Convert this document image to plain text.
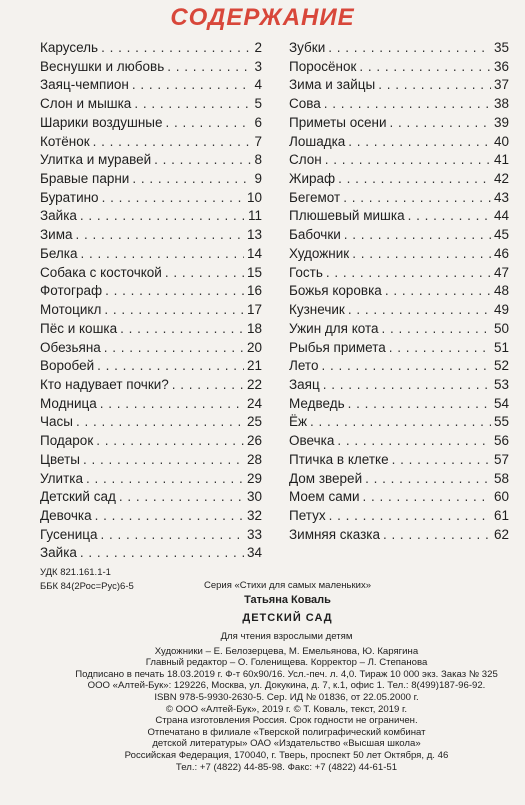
СОДЕРЖАНИЕ
Карусель . . .	2
Веснушки и любовь . . .	3
Заяц-чемпион . . .	4
Слон и мышка . . .	5
Шарики воздушные . . .	6
Котёнок . . .	7
Улитка и муравей . . .	8
Бравые парни . . .	9
Буратино . . .	10
Зайка . . .	11
Зима . . .	13
Белка . . .	14
Собака с косточкой . . .	15
Фотограф . . .	16
Мотоцикл . . .	17
Пёс и кошка . . .	18
Обезьяна . . .	20
Воробей . . .	21
Кто надувает почки? . . .	22
Модница . . .	24
Часы . . .	25
Подарок . . .	26
Цветы . . .	28
Улитка . . .	29
Детский сад . . .	30
Девочка . . .	32
Гусеница . . .	33
Зайка . . .	34
Зубки . . .	35
Поросёнок . . .	36
Зима и зайцы . . .	37
Сова . . .	38
Приметы осени . . .	39
Лошадка . . .	40
Слон . . .	41
Жираф . . .	42
Бегемот . . .	43
Плюшевый мишка . . .	44
Бабочки . . .	45
Художник . . .	46
Гость . . .	47
Божья коровка . . .	48
Кузнечик . . .	49
Ужин для кота . . .	50
Рыбья примета . . .	51
Лето . . .	52
Заяц . . .	53
Медведь . . .	54
Ёж . . .	55
Овечка . . .	56
Птичка в клетке . . .	57
Дом зверей . . .	58
Моем сами . . .	60
Петух . . .	61
Зимняя сказка . . .	62
УДК 821.161.1-1
ББК 84(2Рос=Рус)6-5	Серия «Стихи для самых маленьких»
Татьяна Коваль
ДЕТСКИЙ САД
Для чтения взрослыми детям
Художники – Е. Белозерцева, М. Емельянова, Ю. Карягина
Главный редактор – О. Голенищева. Корректор – Л. Степанова
Подписано в печать 18.03.2019 г. Ф-т 60х90/16. Усл.-печ. л. 4,0. Тираж 10 000 экз. Заказ № 325
ООО «Алтей-Бук»: 129226, Москва, ул. Докукина, д. 7, к.1, офис 1. Тел.: 8(499)187-96-92.
ISBN 978-5-9930-2630-5. Сер. ИД № 01836, от 22.05.2000 г.
© ООО «Алтей-Бук», 2019 г. © Т. Коваль, текст, 2019 г.
Страна изготовления Россия. Срок годности не ограничен.
Отпечатано в филиале «Тверской полиграфический комбинат
детской литературы» ОАО «Издательство «Высшая школа»
Российская Федерация, 170040, г. Тверь, проспект 50 лет Октября, д. 46
Тел.: +7 (4822) 44-85-98. Факс: +7 (4822) 44-61-51
